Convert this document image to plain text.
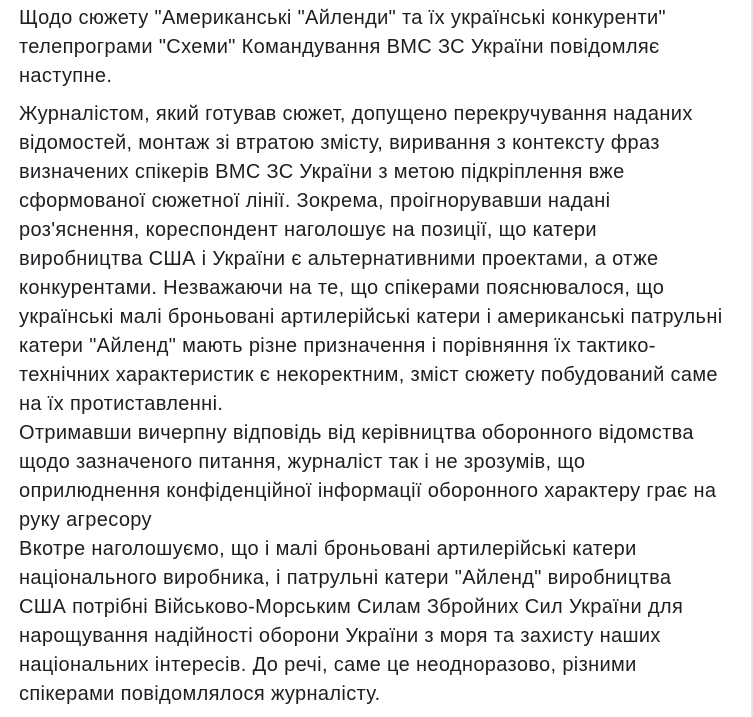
Щодо сюжету "Американські "Айленди" та їх українські конкуренти"
телепрограми "Схеми" Командування ВМС ЗС України повідомляє
наступне.

Журналістом, який готував сюжет, допущено перекручування наданих
відомостей, монтаж зі втратою змісту, виривання з контексту фраз
визначених спікерів ВМС ЗС України з метою підкріплення вже
сформованої сюжетної лінії. Зокрема, проігнорувавши надані
роз'яснення, кореспондент наголошує на позиції, що катери
виробництва США і України є альтернативними проектами, а отже
конкурентами. Незважаючи на те, що спікерами пояснювалося, що
українські малі броньовані артилерійські катери і американські патрульні
катери "Айленд" мають різне призначення і порівняння їх тактико-
технічних характеристик є некоректним, зміст сюжету побудований саме
на їх протиставленні.

Отримавши вичерпну відповідь від керівництва оборонного відомства
щодо зазначеного питання, журналіст так і не зрозумів, що
оприлюднення конфіденційної інформації оборонного характеру грає на
руку агресору

Вкотре наголошуємо, що і малі броньовані артилерійські катери
національного виробника, і патрульні катери "Айленд" виробництва
США потрібні Військово-Морським Силам Збройних Сил України для
нарощування надійності оборони України з моря та захисту наших
національних інтересів. До речі, саме це неодноразово, різними
спікерами повідомлялося журналісту.
